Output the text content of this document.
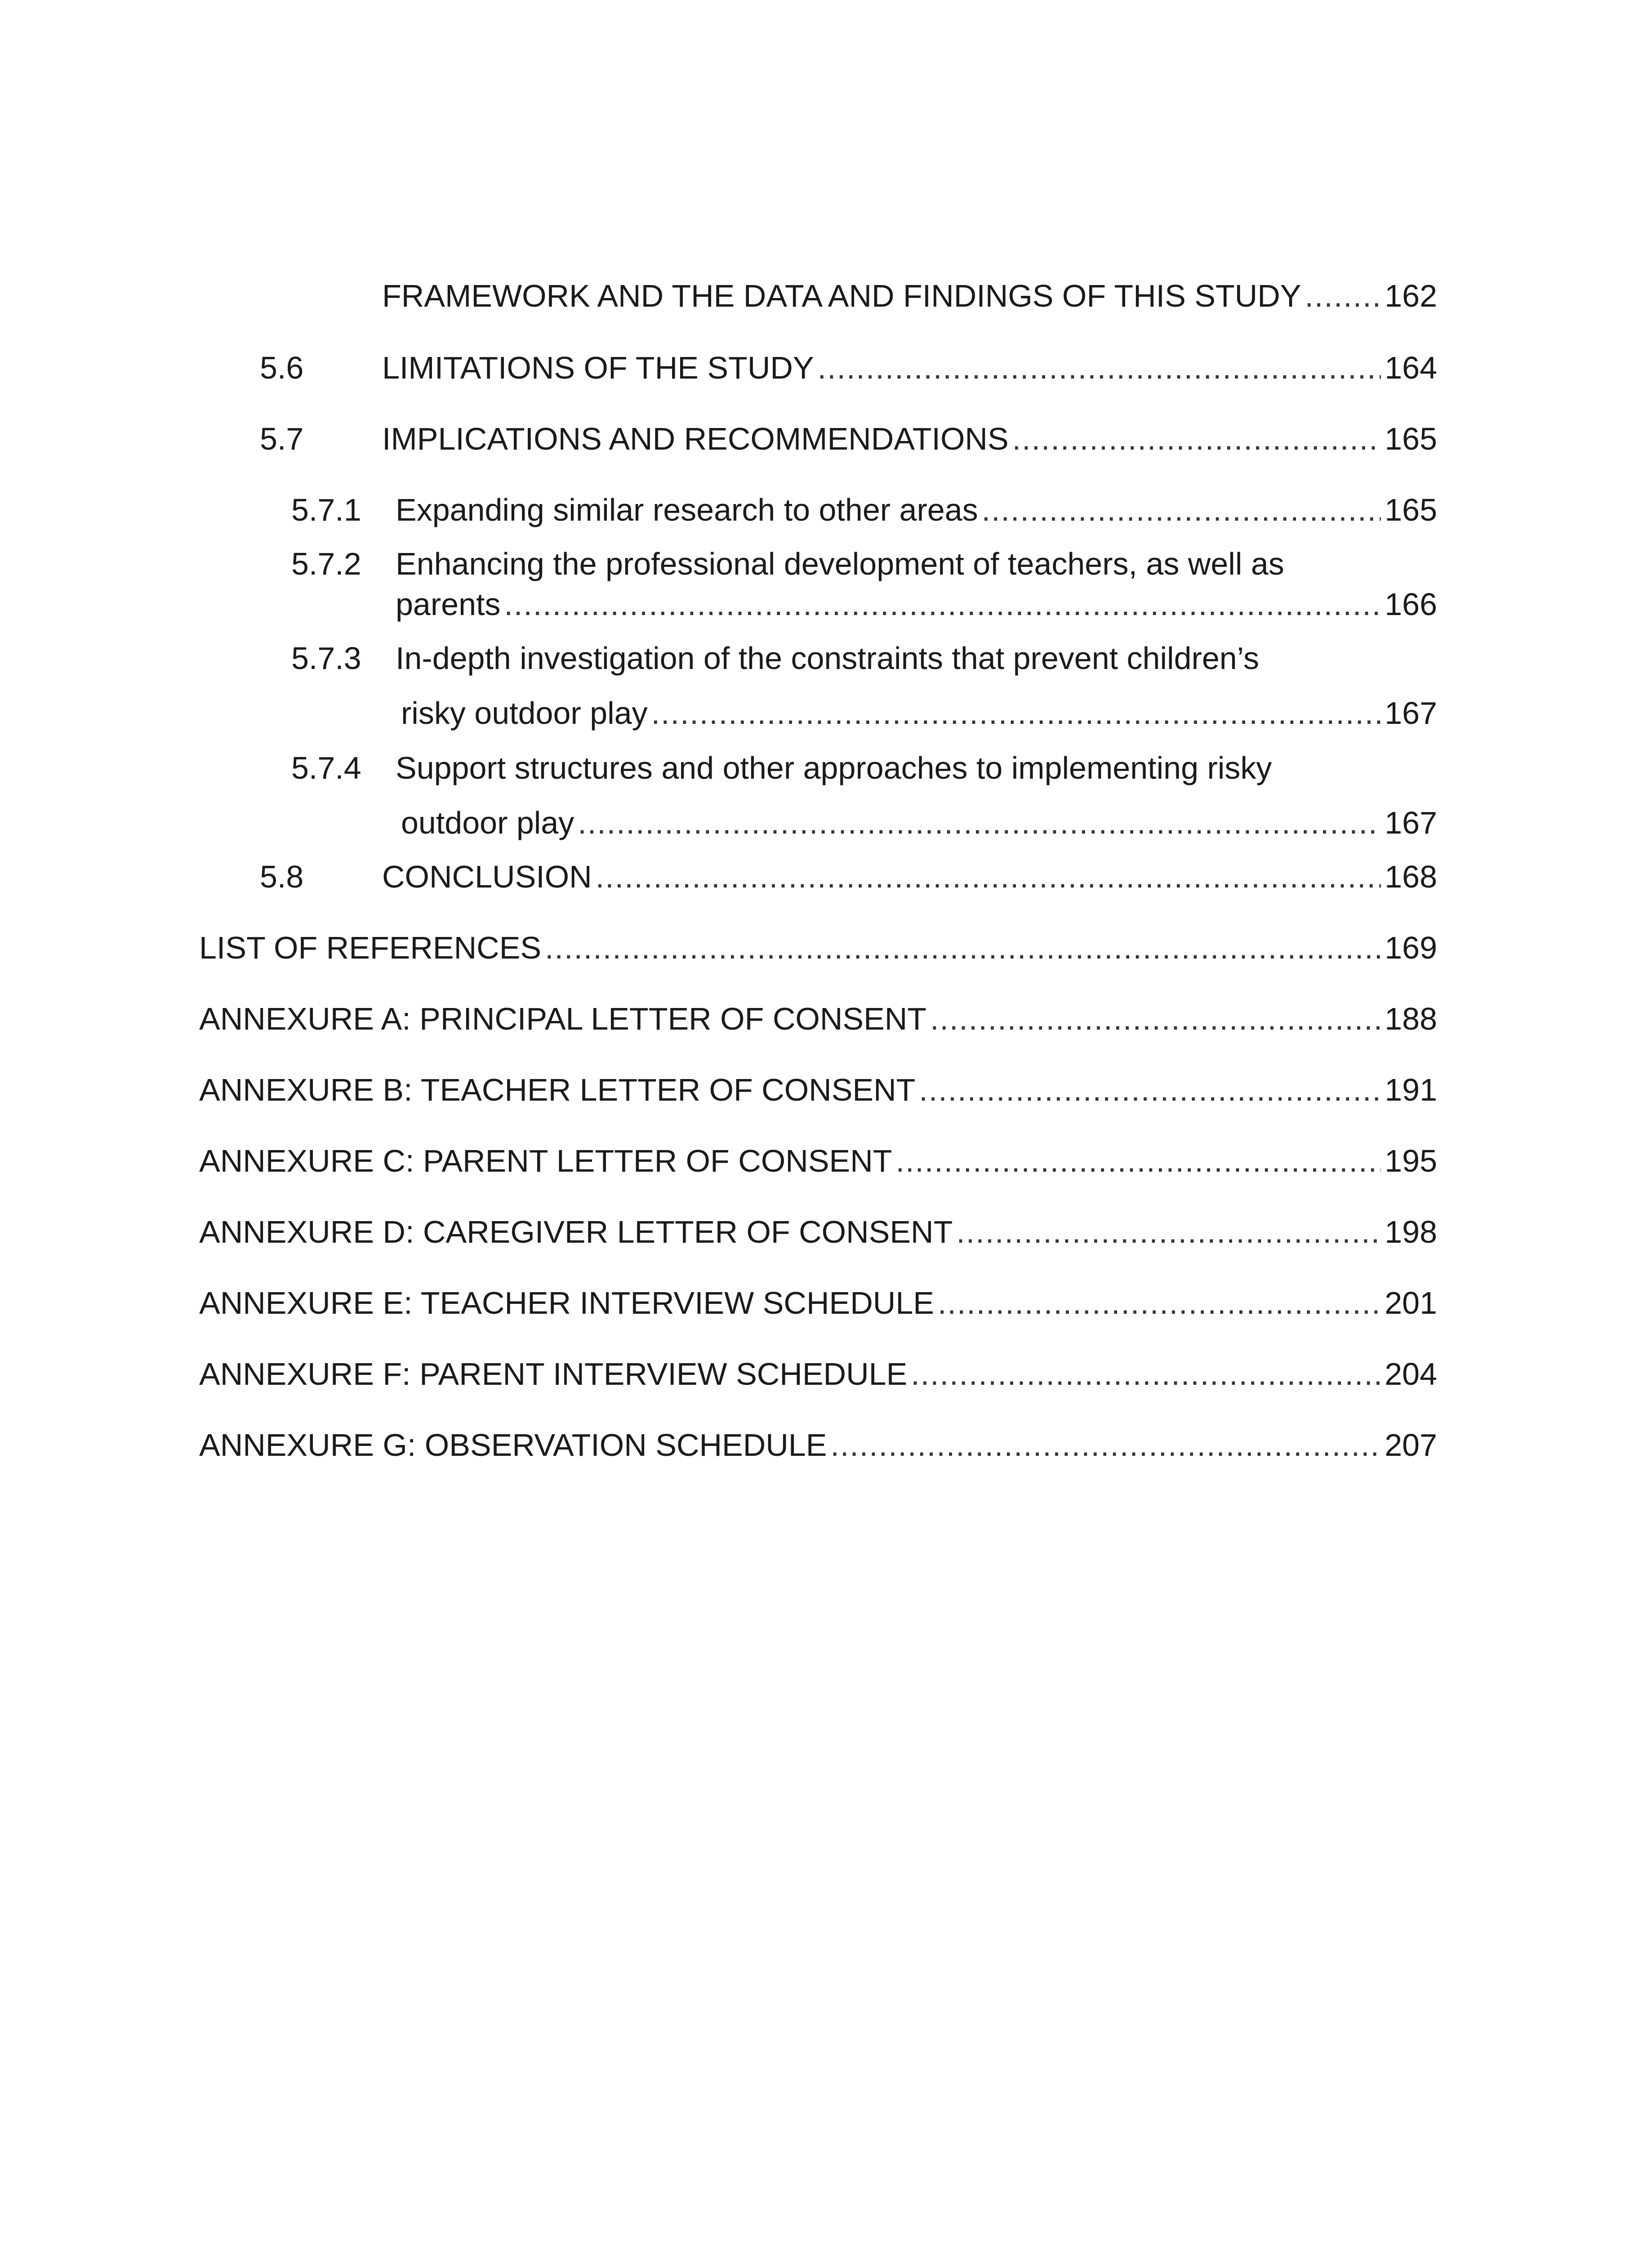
FRAMEWORK AND THE DATA AND FINDINGS OF THIS STUDY .....	162
5.6	LIMITATIONS OF THE STUDY .....	164
5.7	IMPLICATIONS AND RECOMMENDATIONS .....	165
5.7.1	Expanding similar research to other areas .....	165
5.7.2 Enhancing the professional development of teachers, as well as
parents .....	166
5.7.3 In-depth investigation of the constraints that prevent children’s
risky outdoor play .....	167
5.7.4 Support structures and other approaches to implementing risky
outdoor play .....	167
5.8	CONCLUSION .....	168
LIST OF REFERENCES .....	169
ANNEXURE A: PRINCIPAL LETTER OF CONSENT .....	188
ANNEXURE B: TEACHER LETTER OF CONSENT .....	191
ANNEXURE C: PARENT LETTER OF CONSENT .....	195
ANNEXURE D: CAREGIVER LETTER OF CONSENT .....	198
ANNEXURE E: TEACHER INTERVIEW SCHEDULE .....	201
ANNEXURE F: PARENT INTERVIEW SCHEDULE .....	204
ANNEXURE G: OBSERVATION SCHEDULE .....	207
